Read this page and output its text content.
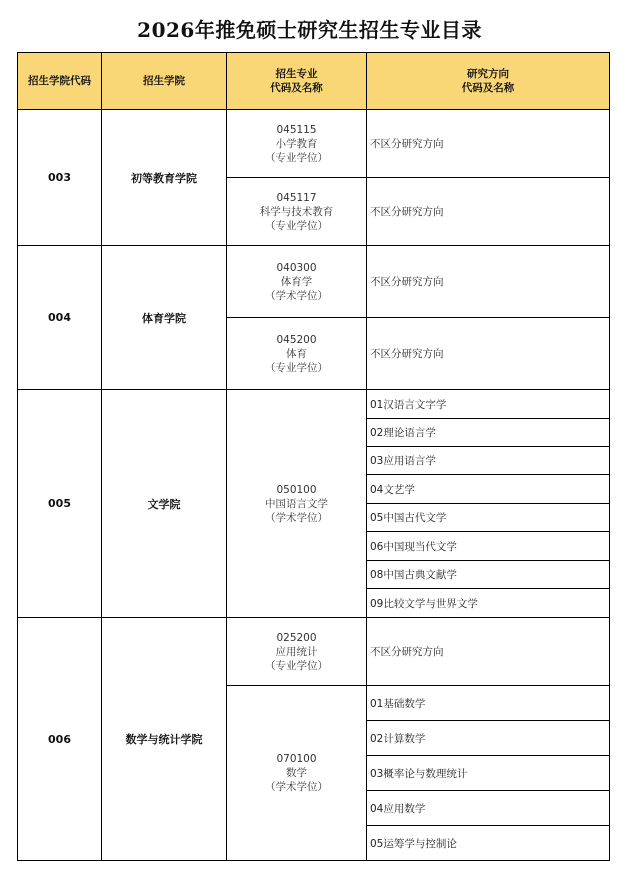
2026年推免硕士研究生招生专业目录
招生学院代码	招生学院
招生专业
代码及名称
研究方向
代码及名称
003
004
005
006
初等教育学院
体育学院
文学院
数学与统计学院
045115
小学教育
（专业学位）
045117
科学与技术教育
（专业学位）
040300
体育学
（学术学位）
045200
体育
（专业学位）
050100
中国语言文学
（学术学位）
025200
应用统计
（专业学位）
070100
数学
（学术学位）
不区分研究方向
不区分研究方向
不区分研究方向
不区分研究方向
01汉语言文字学
02理论语言学
03应用语言学
04文艺学
05中国古代文学
06中国现当代文学
08中国古典文献学
09比较文学与世界文学
不区分研究方向
01基础数学
02计算数学
03概率论与数理统计
04应用数学
05运筹学与控制论
